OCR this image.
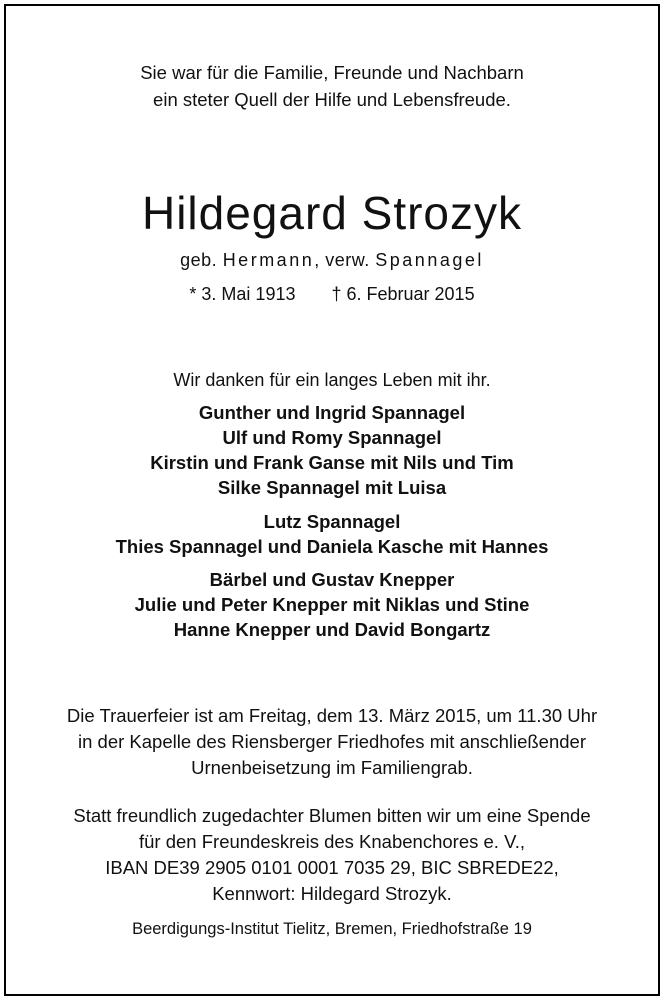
Sie war für die Familie, Freunde und Nachbarn
ein steter Quell der Hilfe und Lebensfreude.
Hildegard Strozyk
geb. Hermann, verw. Spannagel
* 3. Mai 1913 † 6. Februar 2015
Wir danken für ein langes Leben mit ihr.
Gunther und Ingrid Spannagel
Ulf und Romy Spannagel
Kirstin und Frank Ganse mit Nils und Tim
Silke Spannagel mit Luisa
Lutz Spannagel
Thies Spannagel und Daniela Kasche mit Hannes
Bärbel und Gustav Knepper
Julie und Peter Knepper mit Niklas und Stine
Hanne Knepper und David Bongartz
Die Trauerfeier ist am Freitag, dem 13. März 2015, um 11.30 Uhr
in der Kapelle des Riensberger Friedhofes mit anschließender
Urnenbeisetzung im Familiengrab.
Statt freundlich zugedachter Blumen bitten wir um eine Spende
für den Freundeskreis des Knabenchores e. V.,
IBAN DE39 2905 0101 0001 7035 29, BIC SBREDE22,
Kennwort: Hildegard Strozyk.
Beerdigungs-Institut Tielitz, Bremen, Friedhofstraße 19
